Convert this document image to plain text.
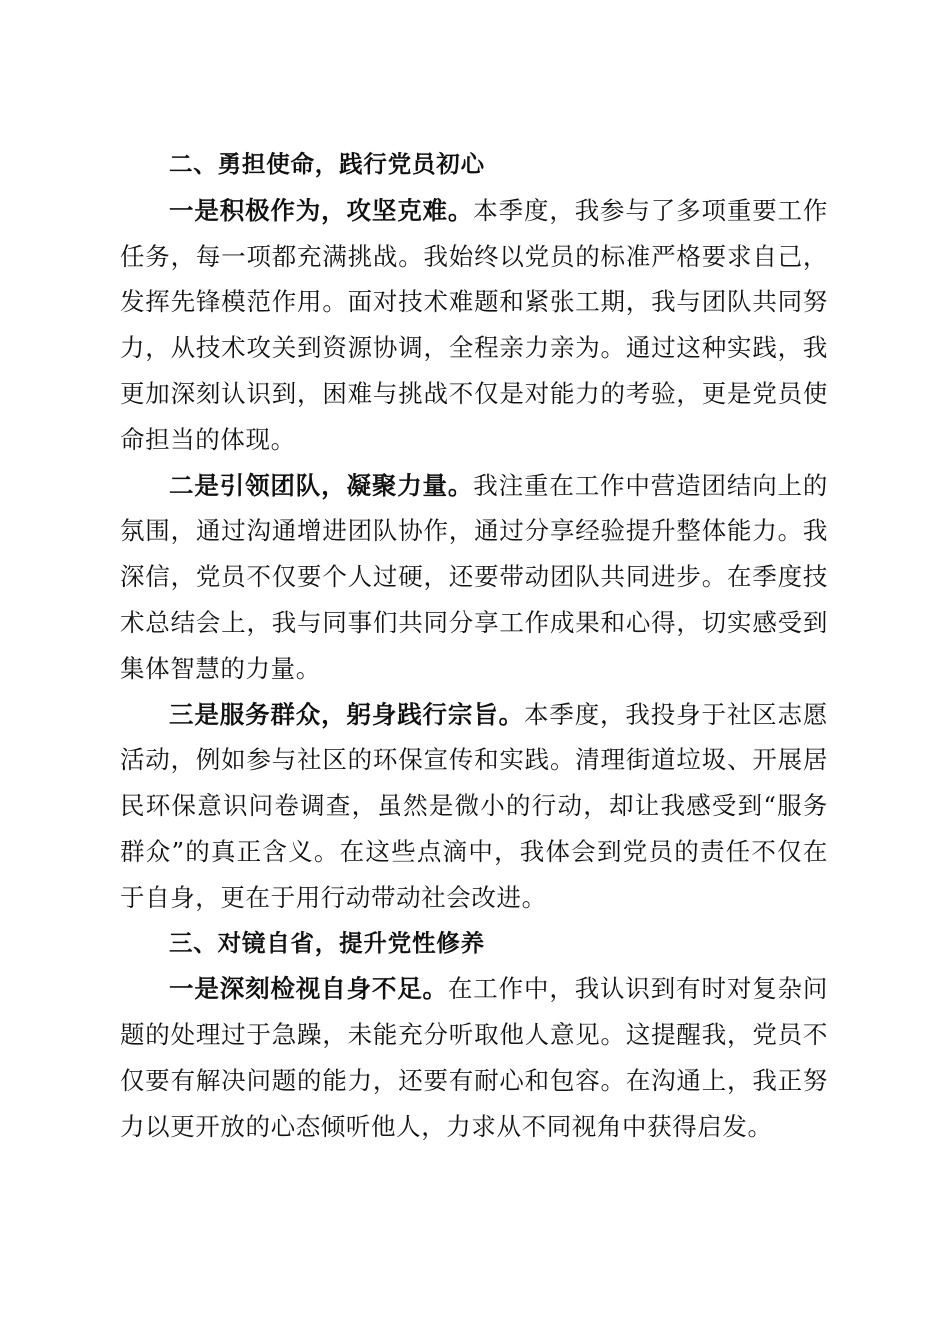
二、勇担使命，践行党员初心

一是积极作为，攻坚克难。本季度，我参与了多项重要工作任务，每一项都充满挑战。我始终以党员的标准严格要求自己，发挥先锋模范作用。面对技术难题和紧张工期，我与团队共同努力，从技术攻关到资源协调，全程亲力亲为。通过这种实践，我更加深刻认识到，困难与挑战不仅是对能力的考验，更是党员使命担当的体现。

二是引领团队，凝聚力量。我注重在工作中营造团结向上的氛围，通过沟通增进团队协作，通过分享经验提升整体能力。我深信，党员不仅要个人过硬，还要带动团队共同进步。在季度技术总结会上，我与同事们共同分享工作成果和心得，切实感受到集体智慧的力量。

三是服务群众，躬身践行宗旨。本季度，我投身于社区志愿活动，例如参与社区的环保宣传和实践。清理街道垃圾、开展居民环保意识问卷调查，虽然是微小的行动，却让我感受到“服务群众”的真正含义。在这些点滴中，我体会到党员的责任不仅在于自身，更在于用行动带动社会改进。

三、对镜自省，提升党性修养

一是深刻检视自身不足。在工作中，我认识到有时对复杂问题的处理过于急躁，未能充分听取他人意见。这提醒我，党员不仅要有解决问题的能力，还要有耐心和包容。在沟通上，我正努力以更开放的心态倾听他人，力求从不同视角中获得启发。
